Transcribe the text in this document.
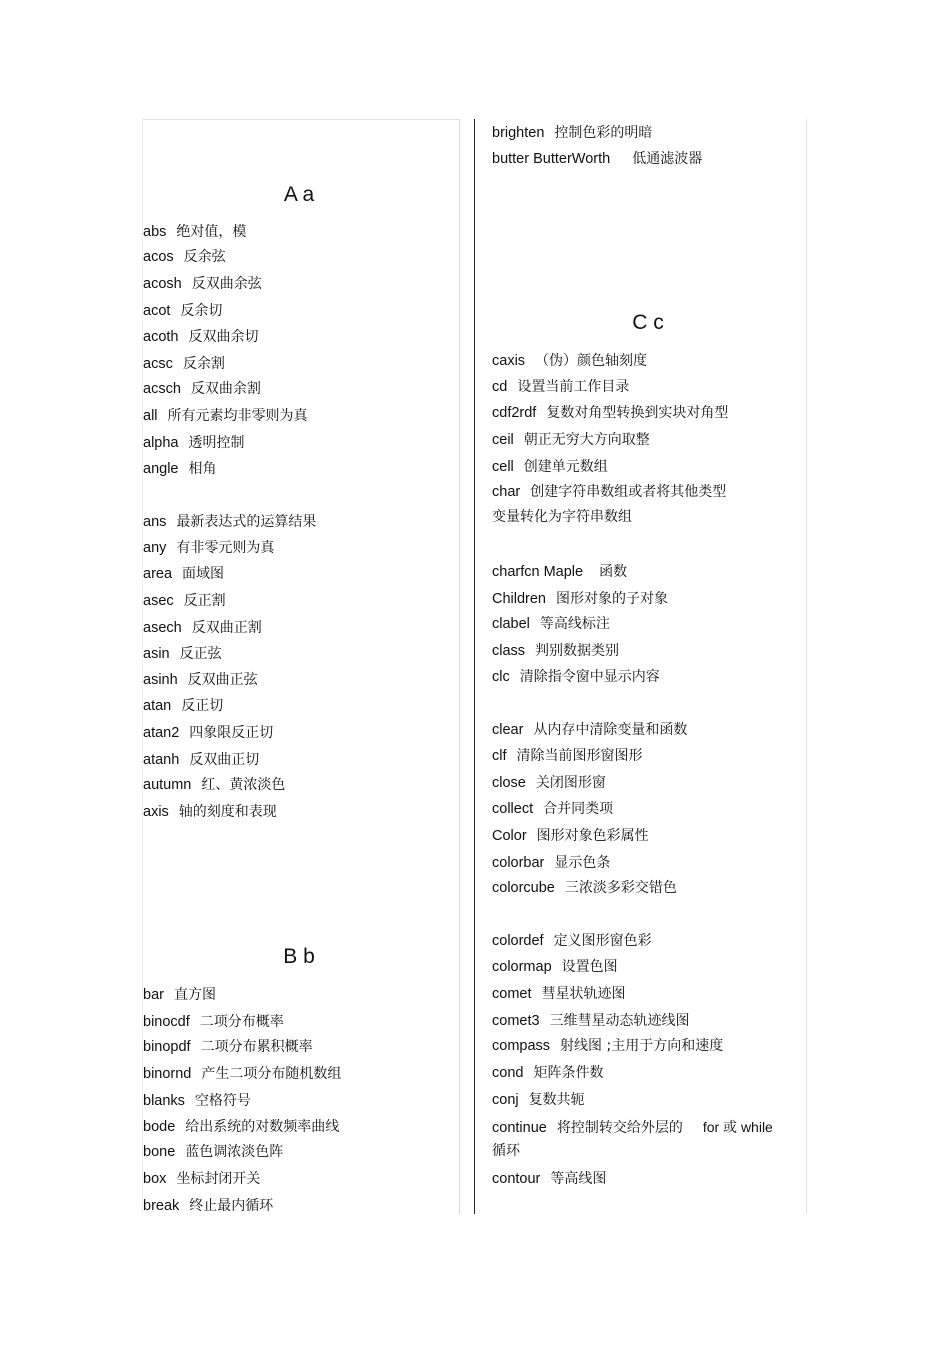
A a
abs 绝对值，模
acos 反余弦
acosh 反双曲余弦
acot 反余切
acoth 反双曲余切
acsc 反余割
acsch 反双曲余割
all 所有元素均非零则为真
alpha 透明控制
angle 相角
ans 最新表达式的运算结果
any 有非零元则为真
area 面域图
asec 反正割
asech 反双曲正割
asin 反正弦
asinh 反双曲正弦
atan 反正切
atan2 四象限反正切
atanh 反双曲正切
autumn 红、黄浓淡色
axis 轴的刻度和表现
B b
bar 直方图
binocdf 二项分布概率
binopdf 二项分布累积概率
binornd 产生二项分布随机数组
blanks 空格符号
bode 给出系统的对数频率曲线
bone 蓝色调浓淡色阵
box 坐标封闭开关
break 终止最内循环
brighten 控制色彩的明暗
butter ButterWorth 低通滤波器
C c
caxis （伪）颜色轴刻度
cd 设置当前工作目录
cdf2rdf 复数对角型转换到实块对角型
ceil 朝正无穷大方向取整
cell 创建单元数组
char 创建字符串数组或者将其他类型
变量转化为字符串数组
charfcn Maple 函数
Children 图形对象的子对象
clabel 等高线标注
class 判别数据类别
clc 清除指令窗中显示内容
clear 从内存中清除变量和函数
clf 清除当前图形窗图形
close 关闭图形窗
collect 合并同类项
Color 图形对象色彩属性
colorbar 显示色条
colorcube 三浓淡多彩交错色
colordef 定义图形窗色彩
colormap 设置色图
comet 彗星状轨迹图
comet3 三维彗星动态轨迹线图
compass 射线图 ;主用于方向和速度
cond 矩阵条件数
conj 复数共轭
continue 将控制转交给外层的 for 或 while
循环
contour 等高线图
